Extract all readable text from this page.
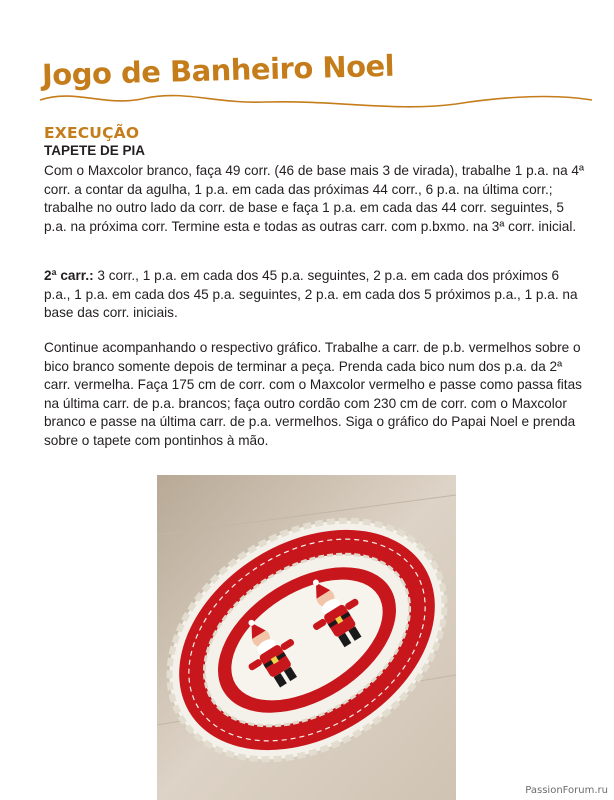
Jogo de Banheiro Noel
EXECUÇÃO
TAPETE DE PIA

Com o Maxcolor branco, faça 49 corr. (46 de base mais 3 de virada), trabalhe 1 p.a. na 4ª corr. a contar da agulha, 1 p.a. em cada das próximas 44 corr., 6 p.a. na última corr.; trabalhe no outro lado da corr. de base e faça 1 p.a. em cada das 44 corr. seguintes, 5 p.a. na próxima corr. Termine esta e todas as outras carr. com p.bxmo. na 3ª corr. inicial.

2ª carr.: 3 corr., 1 p.a. em cada dos 45 p.a. seguintes, 2 p.a. em cada dos próximos 6 p.a., 1 p.a. em cada dos 45 p.a. seguintes, 2 p.a. em cada dos 5 próximos p.a., 1 p.a. na base das corr. iniciais.

Continue acompanhando o respectivo gráfico. Trabalhe a carr. de p.b. vermelhos sobre o bico branco somente depois de terminar a peça. Prenda cada bico num dos p.a. da 2ª carr. vermelha. Faça 175 cm de corr. com o Maxcolor vermelho e passe como passa fitas na última carr. de p.a. brancos; faça outro cordão com 230 cm de corr. com o Maxcolor branco e passe na última carr. de p.a. vermelhos. Siga o gráfico do Papai Noel e prenda sobre o tapete com pontinhos à mão.

PassionForum.ru
